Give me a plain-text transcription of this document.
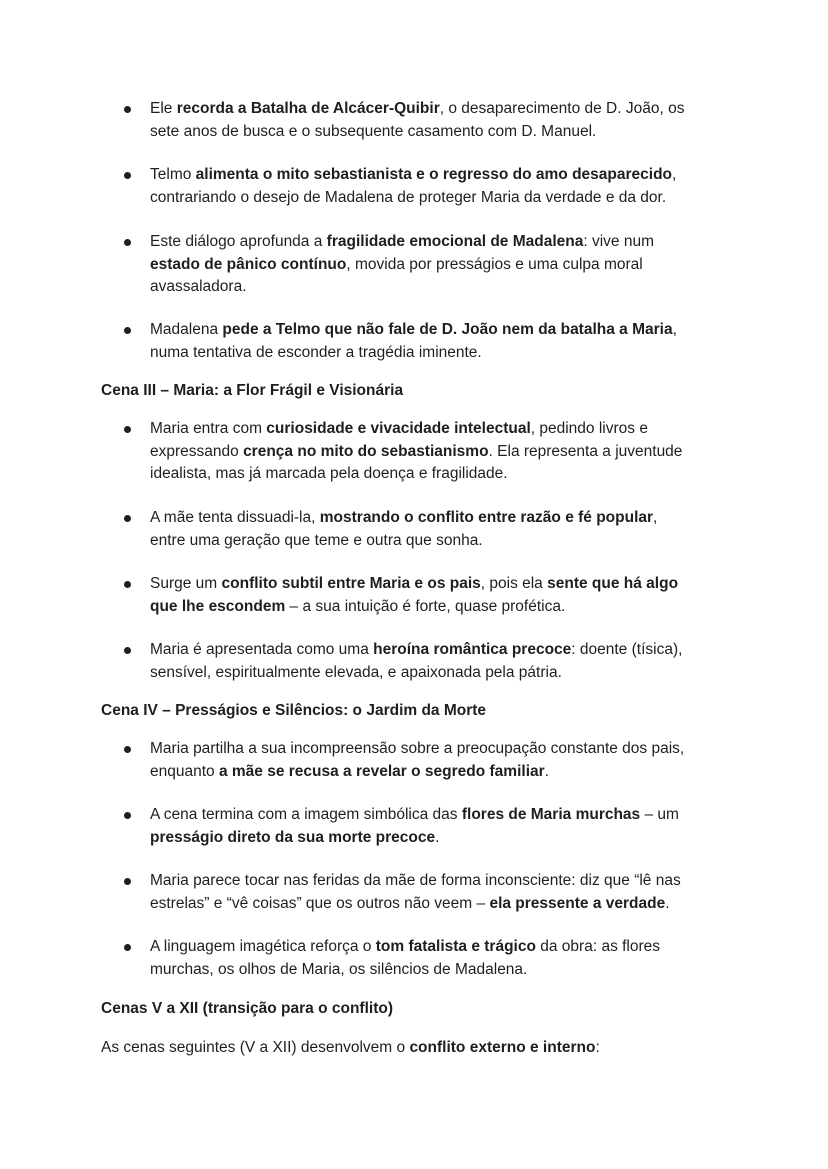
Ele recorda a Batalha de Alcácer-Quibir, o desaparecimento de D. João, os
sete anos de busca e o subsequente casamento com D. Manuel.
Telmo alimenta o mito sebastianista e o regresso do amo desaparecido,
contrariando o desejo de Madalena de proteger Maria da verdade e da dor.
Este diálogo aprofunda a fragilidade emocional de Madalena: vive num
estado de pânico contínuo, movida por presságios e uma culpa moral
avassaladora.
Madalena pede a Telmo que não fale de D. João nem da batalha a Maria,
numa tentativa de esconder a tragédia iminente.
Cena III – Maria: a Flor Frágil e Visionária
Maria entra com curiosidade e vivacidade intelectual, pedindo livros e
expressando crença no mito do sebastianismo. Ela representa a juventude
idealista, mas já marcada pela doença e fragilidade.
A mãe tenta dissuadi-la, mostrando o conflito entre razão e fé popular,
entre uma geração que teme e outra que sonha.
Surge um conflito subtil entre Maria e os pais, pois ela sente que há algo
que lhe escondem – a sua intuição é forte, quase profética.
Maria é apresentada como uma heroína romântica precoce: doente (tísica),
sensível, espiritualmente elevada, e apaixonada pela pátria.
Cena IV – Presságios e Silêncios: o Jardim da Morte
Maria partilha a sua incompreensão sobre a preocupação constante dos pais,
enquanto a mãe se recusa a revelar o segredo familiar.
A cena termina com a imagem simbólica das flores de Maria murchas – um
presságio direto da sua morte precoce.
Maria parece tocar nas feridas da mãe de forma inconsciente: diz que “lê nas
estrelas” e “vê coisas” que os outros não veem – ela pressente a verdade.
A linguagem imagética reforça o tom fatalista e trágico da obra: as flores
murchas, os olhos de Maria, os silêncios de Madalena.
Cenas V a XII (transição para o conflito)
As cenas seguintes (V a XII) desenvolvem o conflito externo e interno:
